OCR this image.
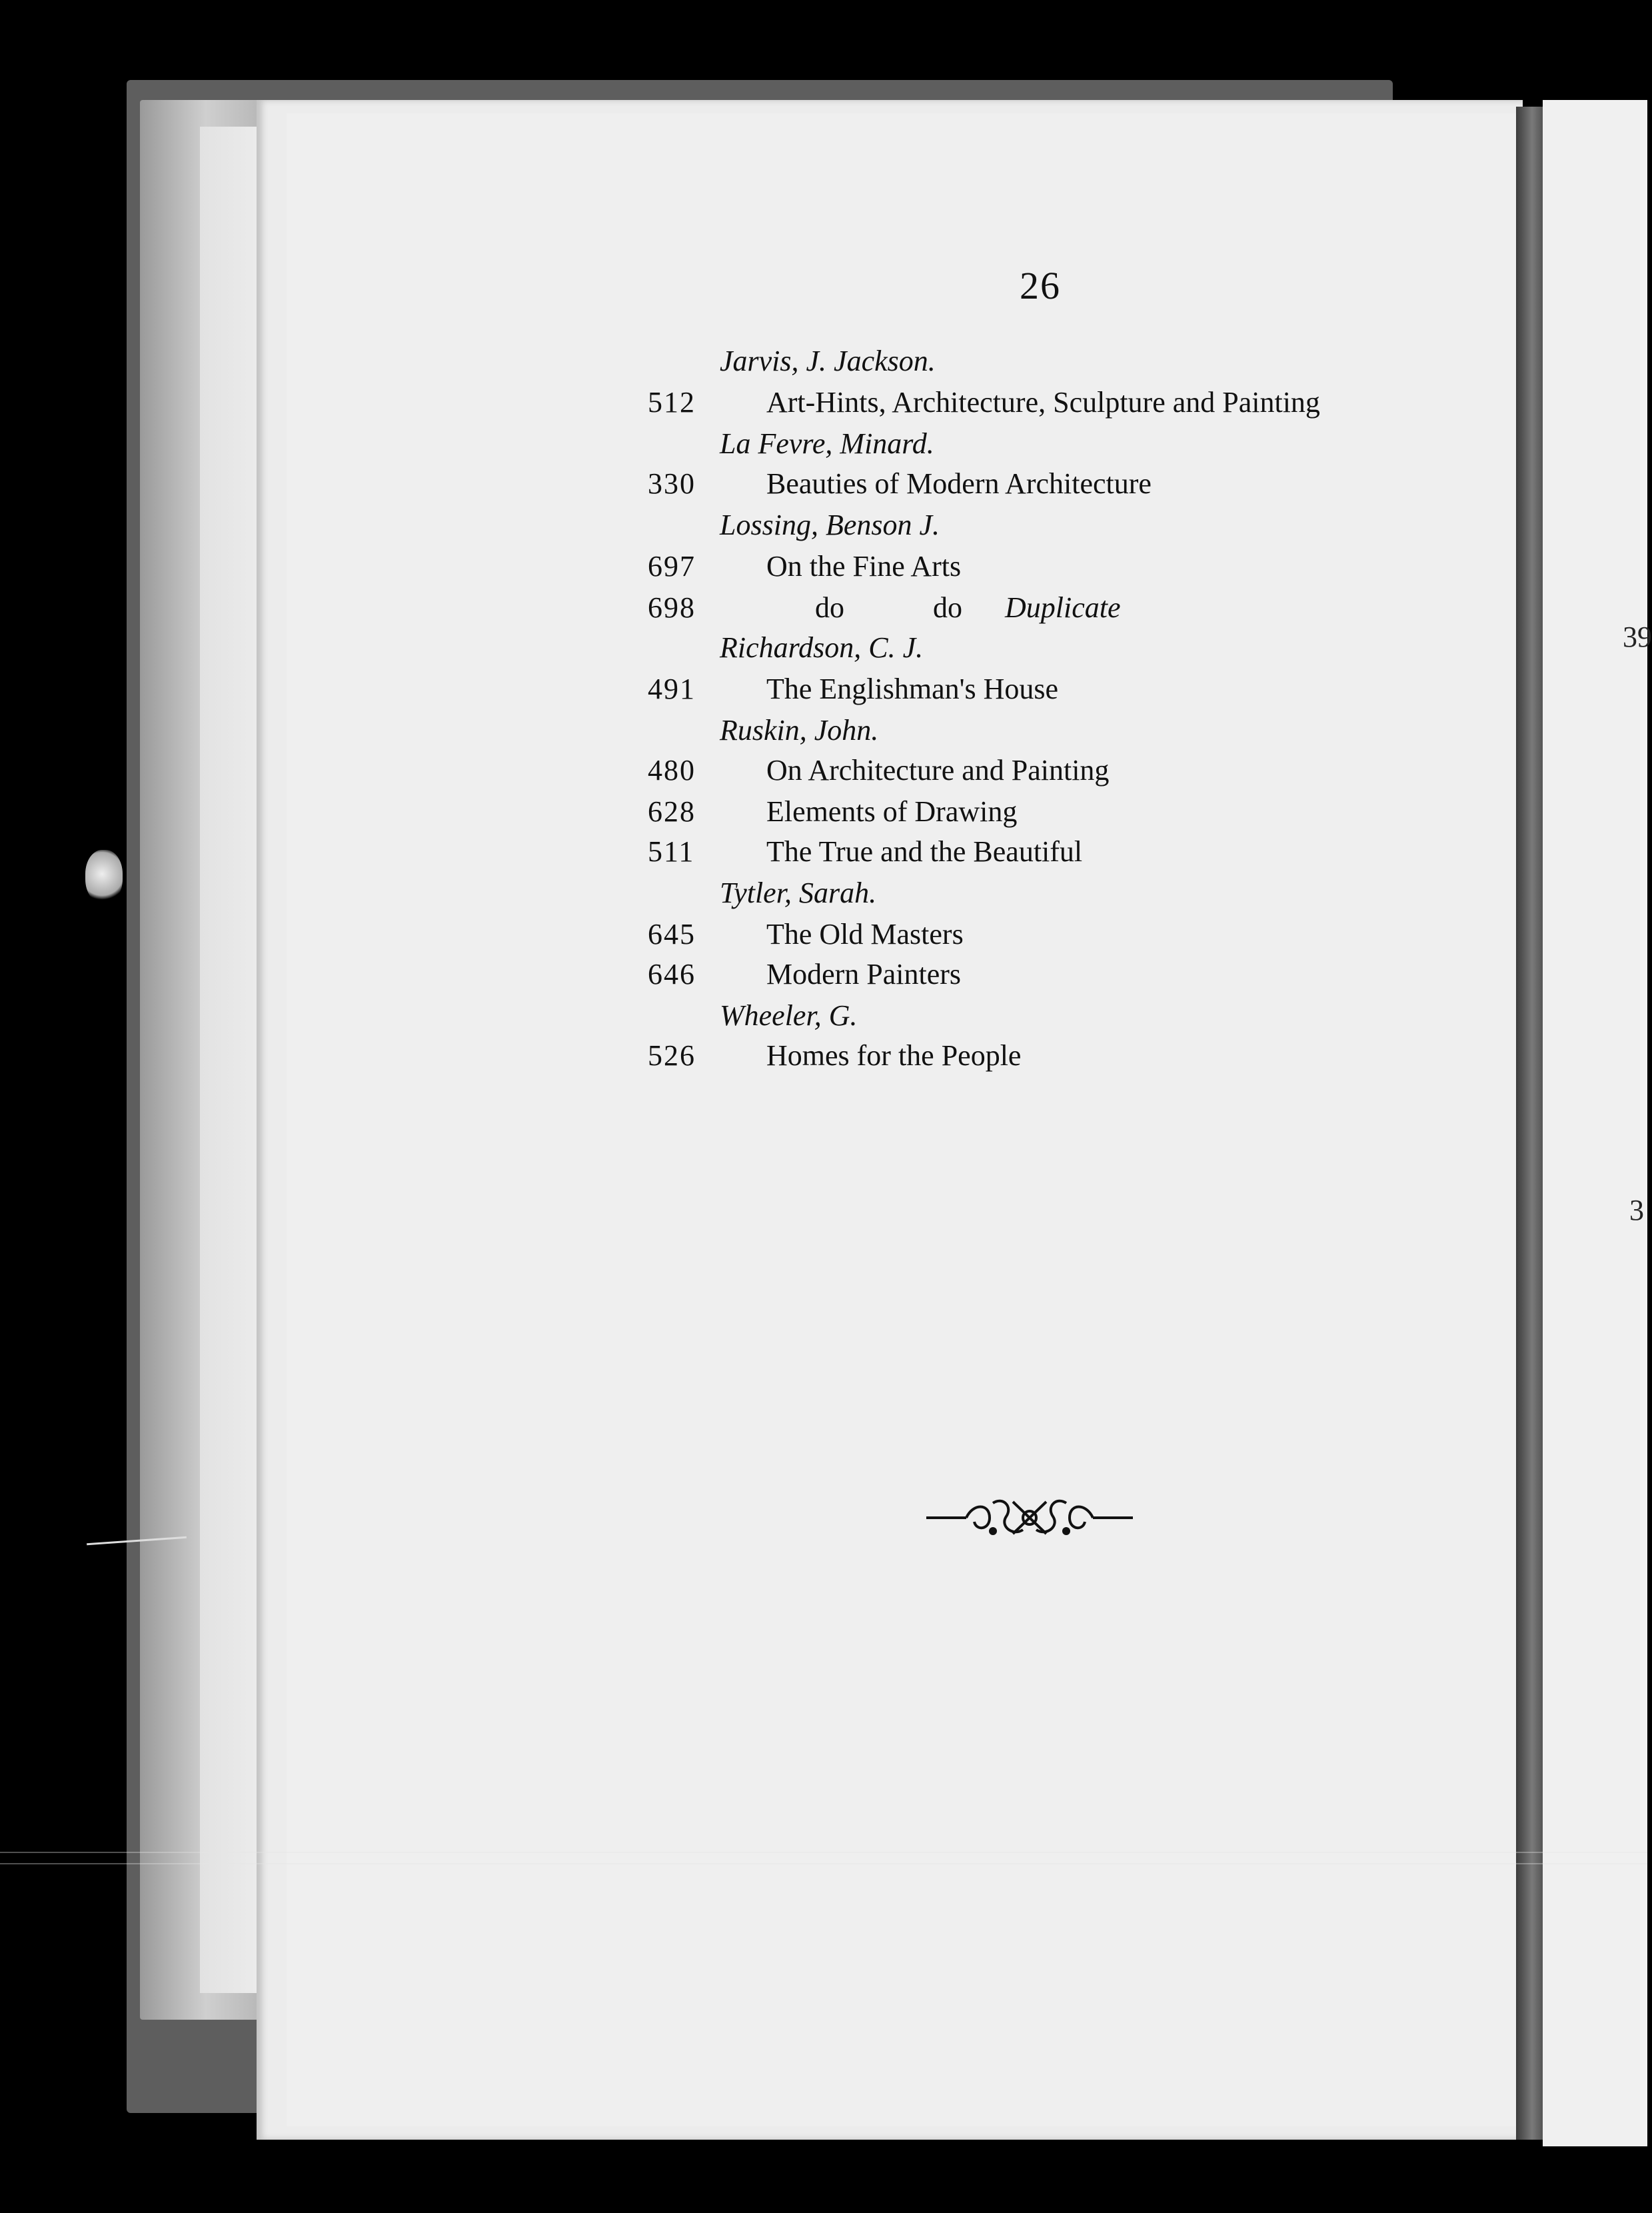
39
3
26
Jarvis, J. Jackson.
512 Art-Hints, Architecture, Sculpture and Painting
La Fevre, Minard.
330 Beauties of Modern Architecture
Lossing, Benson J.
697 On the Fine Arts
698	do	do Duplicate
Richardson, C. J.
491 The Englishman's House
Ruskin, John.
480 On Architecture and Painting
628 Elements of Drawing
511 The True and the Beautiful
Tytler, Sarah.
645 The Old Masters
646 Modern Painters
Wheeler, G.
526 Homes for the People
